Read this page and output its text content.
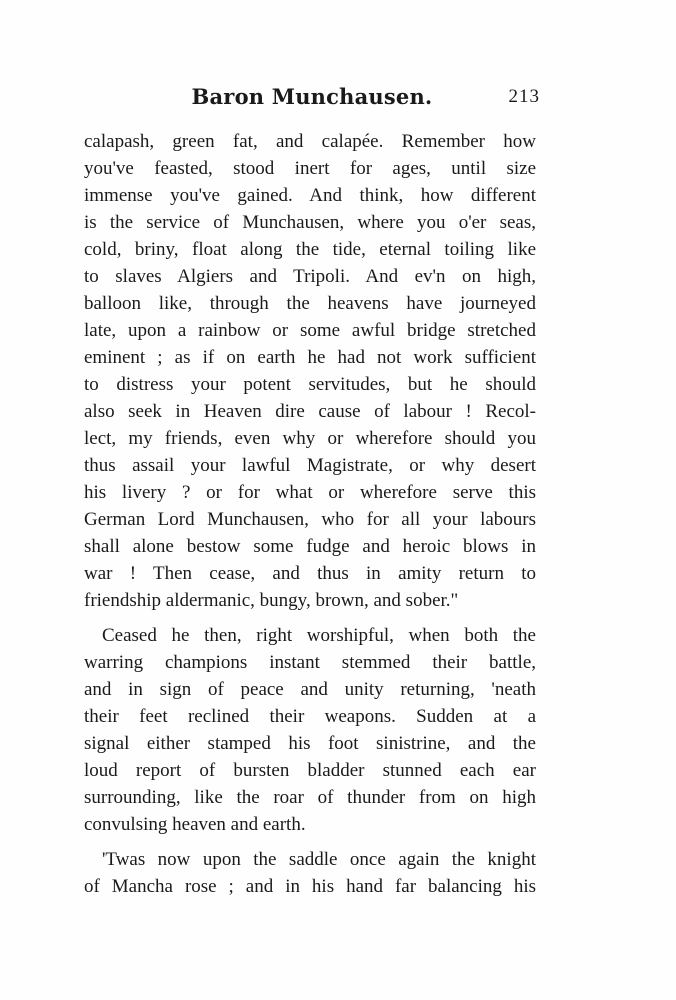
Baron Munchausen.	213
calapash, green fat, and calapée. Remember how
you've feasted, stood inert for ages, until size
immense you've gained. And think, how different
is the service of Munchausen, where you o'er seas,
cold, briny, float along the tide, eternal toiling like
to slaves Algiers and Tripoli. And ev'n on high,
balloon like, through the heavens have journeyed
late, upon a rainbow or some awful bridge stretched
eminent ; as if on earth he had not work sufficient
to distress your potent servitudes, but he should
also seek in Heaven dire cause of labour ! Recol-
lect, my friends, even why or wherefore should you
thus assail your lawful Magistrate, or why desert
his livery ? or for what or wherefore serve this
German Lord Munchausen, who for all your labours
shall alone bestow some fudge and heroic blows in
war ! Then cease, and thus in amity return to
friendship aldermanic, bungy, brown, and sober."
Ceased he then, right worshipful, when both the
warring champions instant stemmed their battle,
and in sign of peace and unity returning, 'neath
their feet reclined their weapons. Sudden at a
signal either stamped his foot sinistrine, and the
loud report of bursten bladder stunned each ear
surrounding, like the roar of thunder from on high
convulsing heaven and earth.
'Twas now upon the saddle once again the knight
of Mancha rose ; and in his hand far balancing his
